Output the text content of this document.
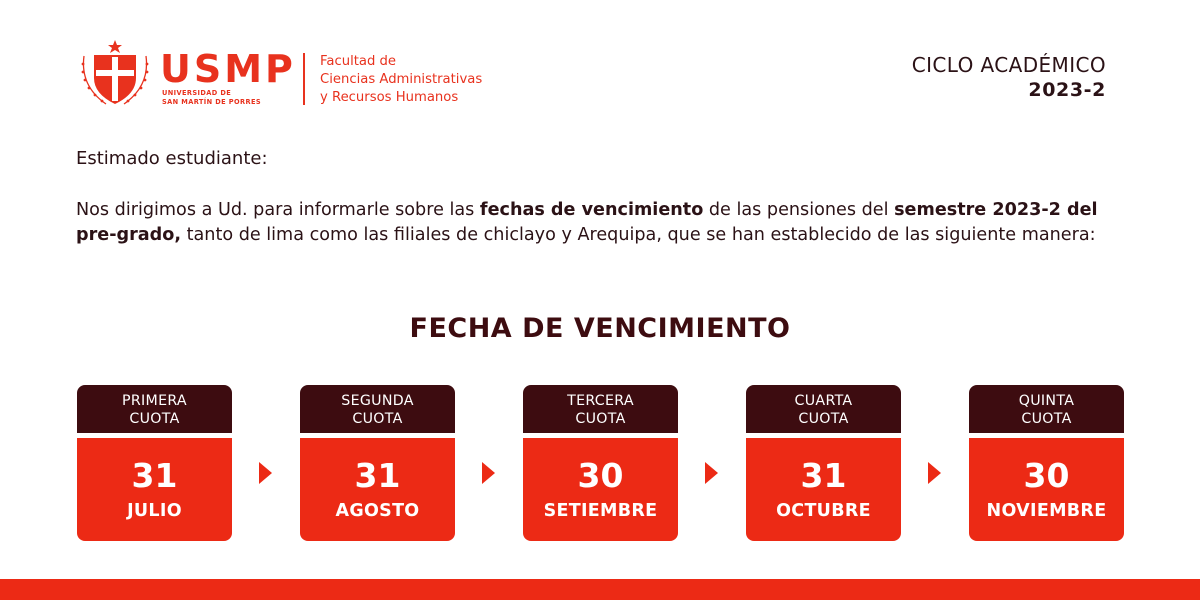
USMP
UNIVERSIDAD DE
SAN MARTÍN DE PORRES
Facultad de
Ciencias Administrativas
y Recursos Humanos
CICLO ACADÉMICO
2023-2
Estimado estudiante:
Nos dirigimos a Ud. para informarle sobre las fechas de vencimiento de las pensiones del semestre 2023-2 del pre-grado, tanto de lima como las filiales de chiclayo y Arequipa, que se han establecido de las siguiente manera:
FECHA DE VENCIMIENTO
PRIMERA
CUOTA
31
JULIO
SEGUNDA
CUOTA
31
AGOSTO
TERCERA
CUOTA
30
SETIEMBRE
CUARTA
CUOTA
31
OCTUBRE
QUINTA
CUOTA
30
NOVIEMBRE
